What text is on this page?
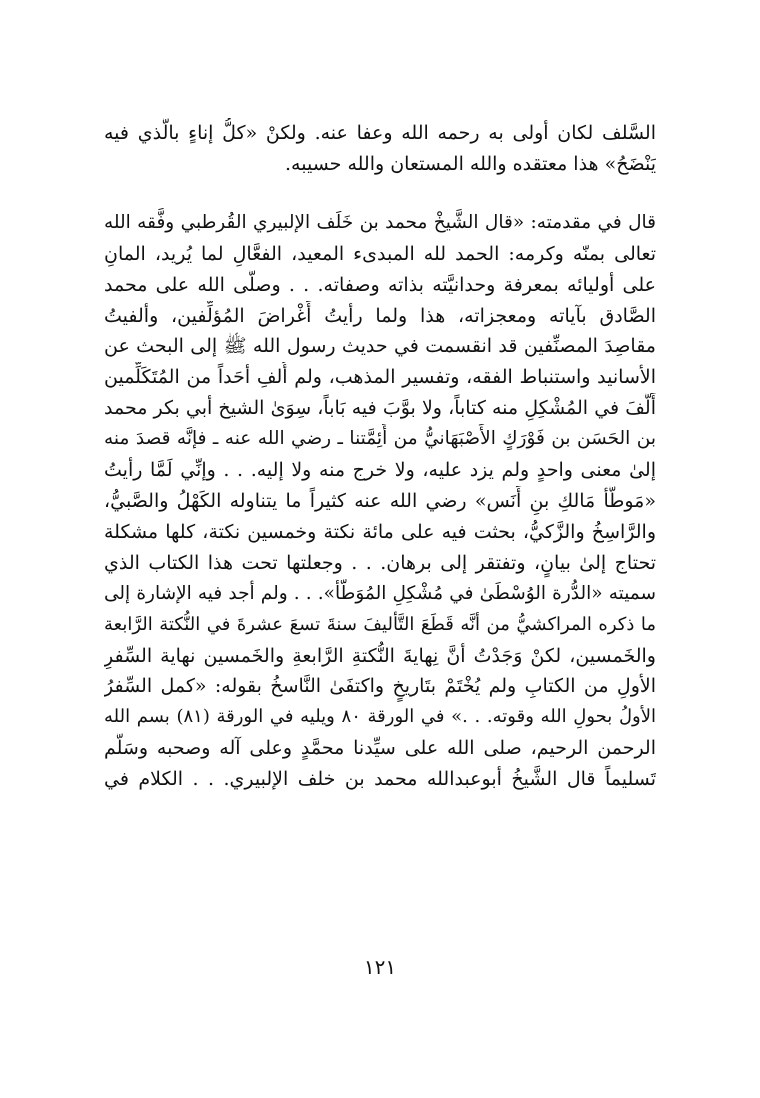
السَّلف لكان أولى به رحمه الله وعفا عنه. ولكنْ «كلُّ إناءٍ بالَّذي فيه
يَنْضَحُ» هذا معتقده والله المستعان والله حسيبه.
قال في مقدمته: «قال الشَّيخْ محمد بن خَلَف الإلبيري القُرطبي وفَّقه الله
تعالى بمنّه وكرمه: الحمد لله المبدىء المعيد، الفعَّالِ لما يُريد، المانِ
على أوليائه بمعرفة وحدانيَّته بذاته وصفاته. . . وصلَّى الله على محمد
الصَّادق بآياته ومعجزاته، هذا ولما رأيتُ أَغْراضَ المُؤلِّفين، وألفيتُ
مقاصِدَ المصنِّفين قد انقسمت في حديث رسول الله ﷺ إلى البحث عن
الأسانيد واستنباط الفقه، وتفسير المذهب، ولم أُلفِ أحَداً من المُتَكَلِّمين
أَلَّفَ في المُشْكِلِ منه كتاباً، ولا بوَّبَ فيه بَاباً، سِوَىٰ الشيخ أبي بكر محمد
بن الحَسَن بن فَوْرَكٍ الأَصْبَهَانيُّ من أَئِمَّتنا ـ رضي الله عنه ـ فإنَّه قصدَ منه
إلىٰ معنى واحدٍ ولم يزد عليه، ولا خرج منه ولا إليه. . . وإنِّي لَمَّا رأيتُ
«مَوطَّأ مَالكِ بنِ أَنَس» رضي الله عنه كثيراً ما يتناوله الكَهْلُ والصَّبيُّ،
والرَّاسِخُ والزَّكيُّ، بحثت فيه على مائة نكتة وخمسين نكتة، كلها مشكلة
تحتاج إلىٰ بيانٍ، وتفتقر إلى برهان. . . وجعلتها تحت هذا الكتاب الذي
سميته «الدُّرة الوُسْطَىٰ في مُشْكِلِ المُوَطَّأ». . . ولم أجد فيه الإشارة إلى
ما ذكره المراكشيُّ من أنَّه قَطَعَ التَّأليفَ سنةَ تسعَ عشرةَ في النُّكتة الرَّابعة
والخَمسين، لكنْ وَجَدْتُ أنَّ نِهايةَ النُّكتةِ الرَّابعةِ والخَمسين نهاية السِّفرِ
الأولِ من الكتابِ ولم يُخْتَمْ بتَاريخٍ واكتفَىٰ النَّاسخُ بقوله: «كمل السِّفرُ
الأولُ بحولِ الله وقوته. . .» في الورقة ٨٠ ويليه في الورقة (٨١) بسم الله
الرحمن الرحيم، صلى الله على سيِّدنا محمَّدٍ وعلى آله وصحبه وسَلَّم
تَسليماً قال الشَّيخُ أبوعبدالله محمد بن خلف الإلبيري. . . الكلام في
١٢١
